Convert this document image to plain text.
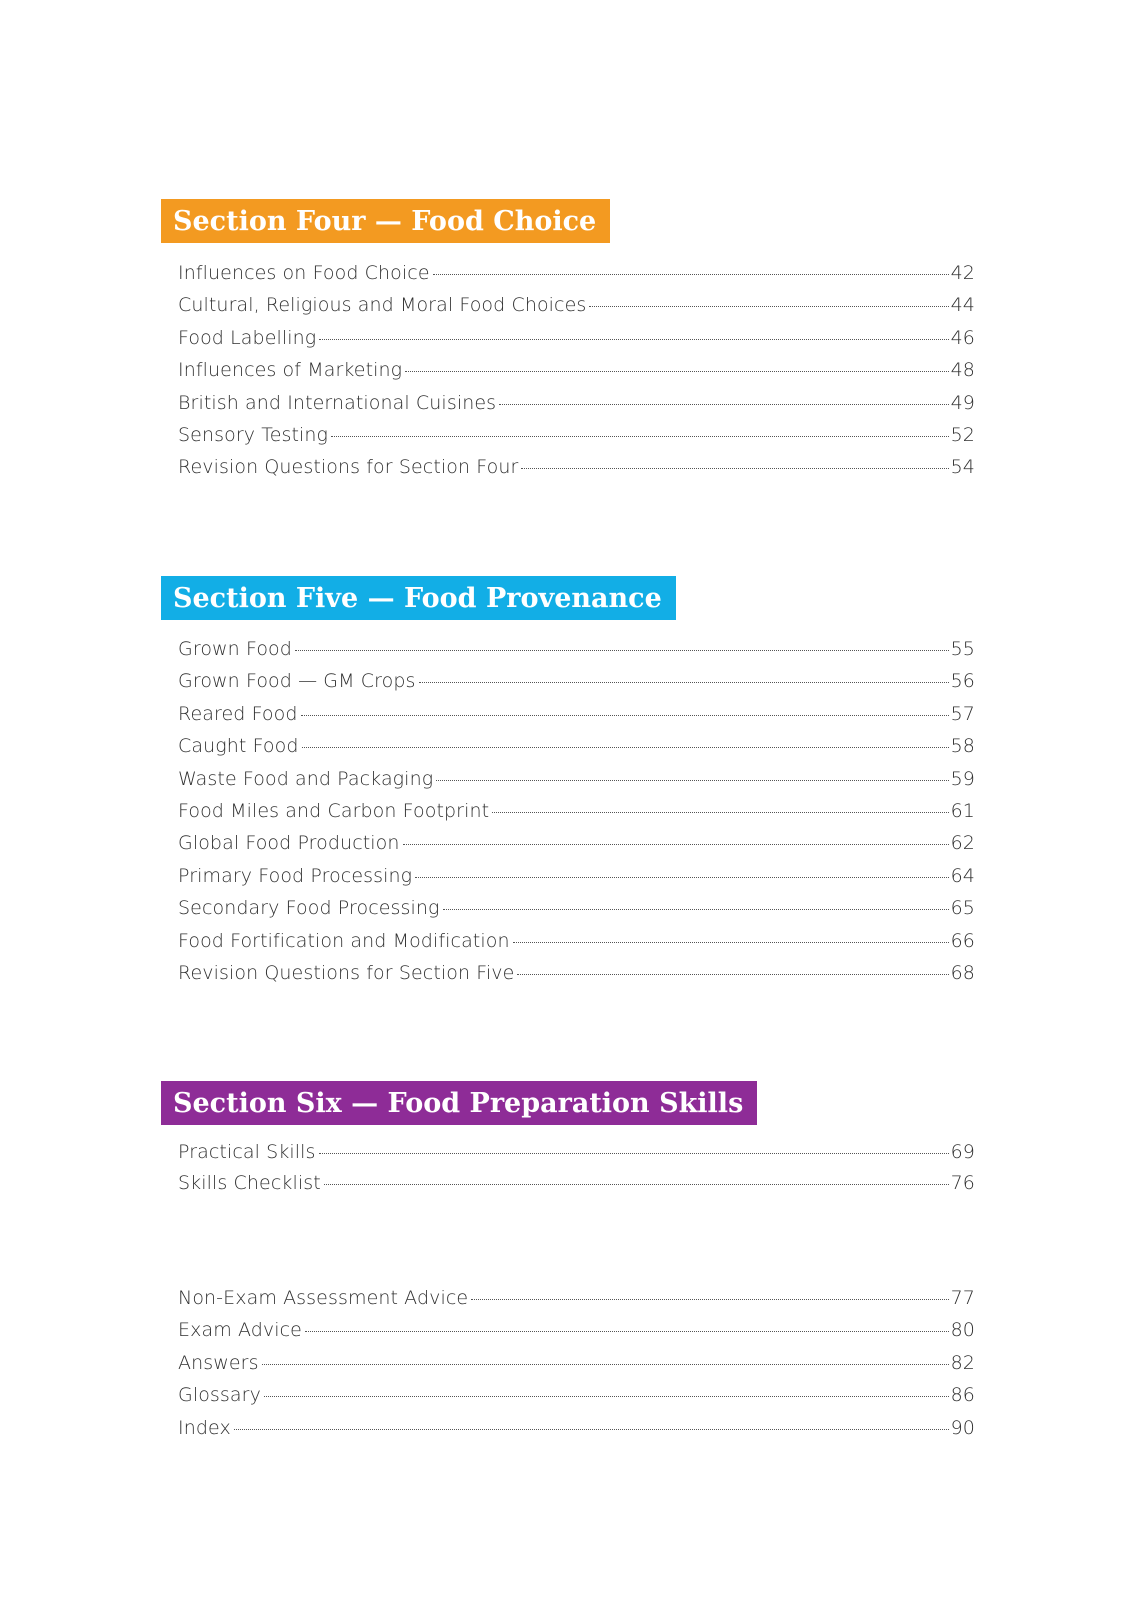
Section Four — Food Choice
Influences on Food Choice	42
Cultural, Religious and Moral Food Choices	44
Food Labelling	46
Influences of Marketing	48
British and International Cuisines	49
Sensory Testing	52
Revision Questions for Section Four	54
Section Five — Food Provenance
Grown Food	55
Grown Food — GM Crops	56
Reared Food	57
Caught Food	58
Waste Food and Packaging	59
Food Miles and Carbon Footprint	61
Global Food Production	62
Primary Food Processing	64
Secondary Food Processing	65
Food Fortification and Modification	66
Revision Questions for Section Five	68
Section Six — Food Preparation Skills
Practical Skills	69
Skills Checklist	76
Non-Exam Assessment Advice	77
Exam Advice	80
Answers	82
Glossary	86
Index	90
